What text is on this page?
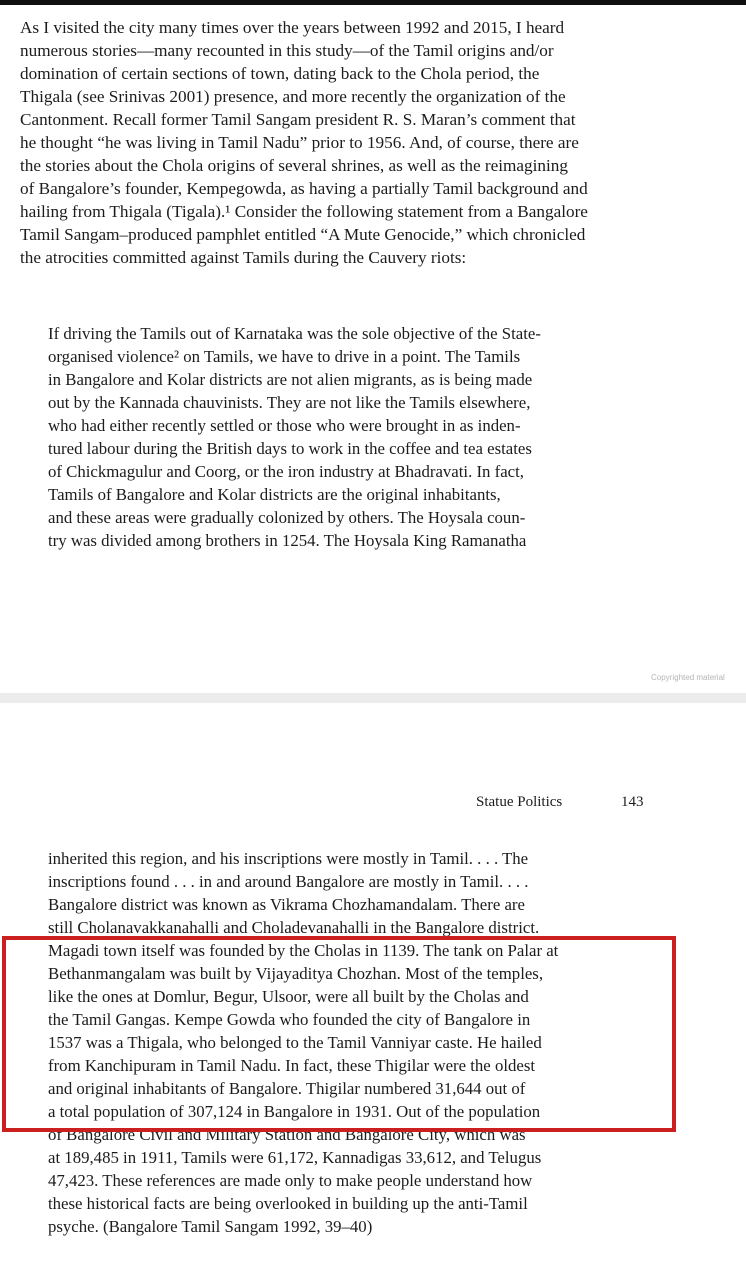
As I visited the city many times over the years between 1992 and 2015, I heard
numerous stories—many recounted in this study—of the Tamil origins and/or
domination of certain sections of town, dating back to the Chola period, the
Thigala (see Srinivas 2001) presence, and more recently the organization of the
Cantonment. Recall former Tamil Sangam president R. S. Maran’s comment that
he thought “he was living in Tamil Nadu” prior to 1956. And, of course, there are
the stories about the Chola origins of several shrines, as well as the reimagining
of Bangalore’s founder, Kempegowda, as having a partially Tamil background and
hailing from Thigala (Tigala).¹ Consider the following statement from a Bangalore
Tamil Sangam–produced pamphlet entitled “A Mute Genocide,” which chronicled
the atrocities committed against Tamils during the Cauvery riots:
If driving the Tamils out of Karnataka was the sole objective of the State-
organised violence² on Tamils, we have to drive in a point. The Tamils
in Bangalore and Kolar districts are not alien migrants, as is being made
out by the Kannada chauvinists. They are not like the Tamils elsewhere,
who had either recently settled or those who were brought in as inden-
tured labour during the British days to work in the coffee and tea estates
of Chickmagulur and Coorg, or the iron industry at Bhadravati. In fact,
Tamils of Bangalore and Kolar districts are the original inhabitants,
and these areas were gradually colonized by others. The Hoysala coun-
try was divided among brothers in 1254. The Hoysala King Ramanatha
Copyrighted material
Statue Politics	143
inherited this region, and his inscriptions were mostly in Tamil. . . . The
inscriptions found . . . in and around Bangalore are mostly in Tamil. . . .
Bangalore district was known as Vikrama Chozhamandalam. There are
still Cholanavakkanahalli and Choladevanahalli in the Bangalore district.
Magadi town itself was founded by the Cholas in 1139. The tank on Palar at
Bethanmangalam was built by Vijayaditya Chozhan. Most of the temples,
like the ones at Domlur, Begur, Ulsoor, were all built by the Cholas and
the Tamil Gangas. Kempe Gowda who founded the city of Bangalore in
1537 was a Thigala, who belonged to the Tamil Vanniyar caste. He hailed
from Kanchipuram in Tamil Nadu. In fact, these Thigilar were the oldest
and original inhabitants of Bangalore. Thigilar numbered 31,644 out of
a total population of 307,124 in Bangalore in 1931. Out of the population
of Bangalore Civil and Military Station and Bangalore City, which was
at 189,485 in 1911, Tamils were 61,172, Kannadigas 33,612, and Telugus
47,423. These references are made only to make people understand how
these historical facts are being overlooked in building up the anti-Tamil
psyche. (Bangalore Tamil Sangam 1992, 39–40)
